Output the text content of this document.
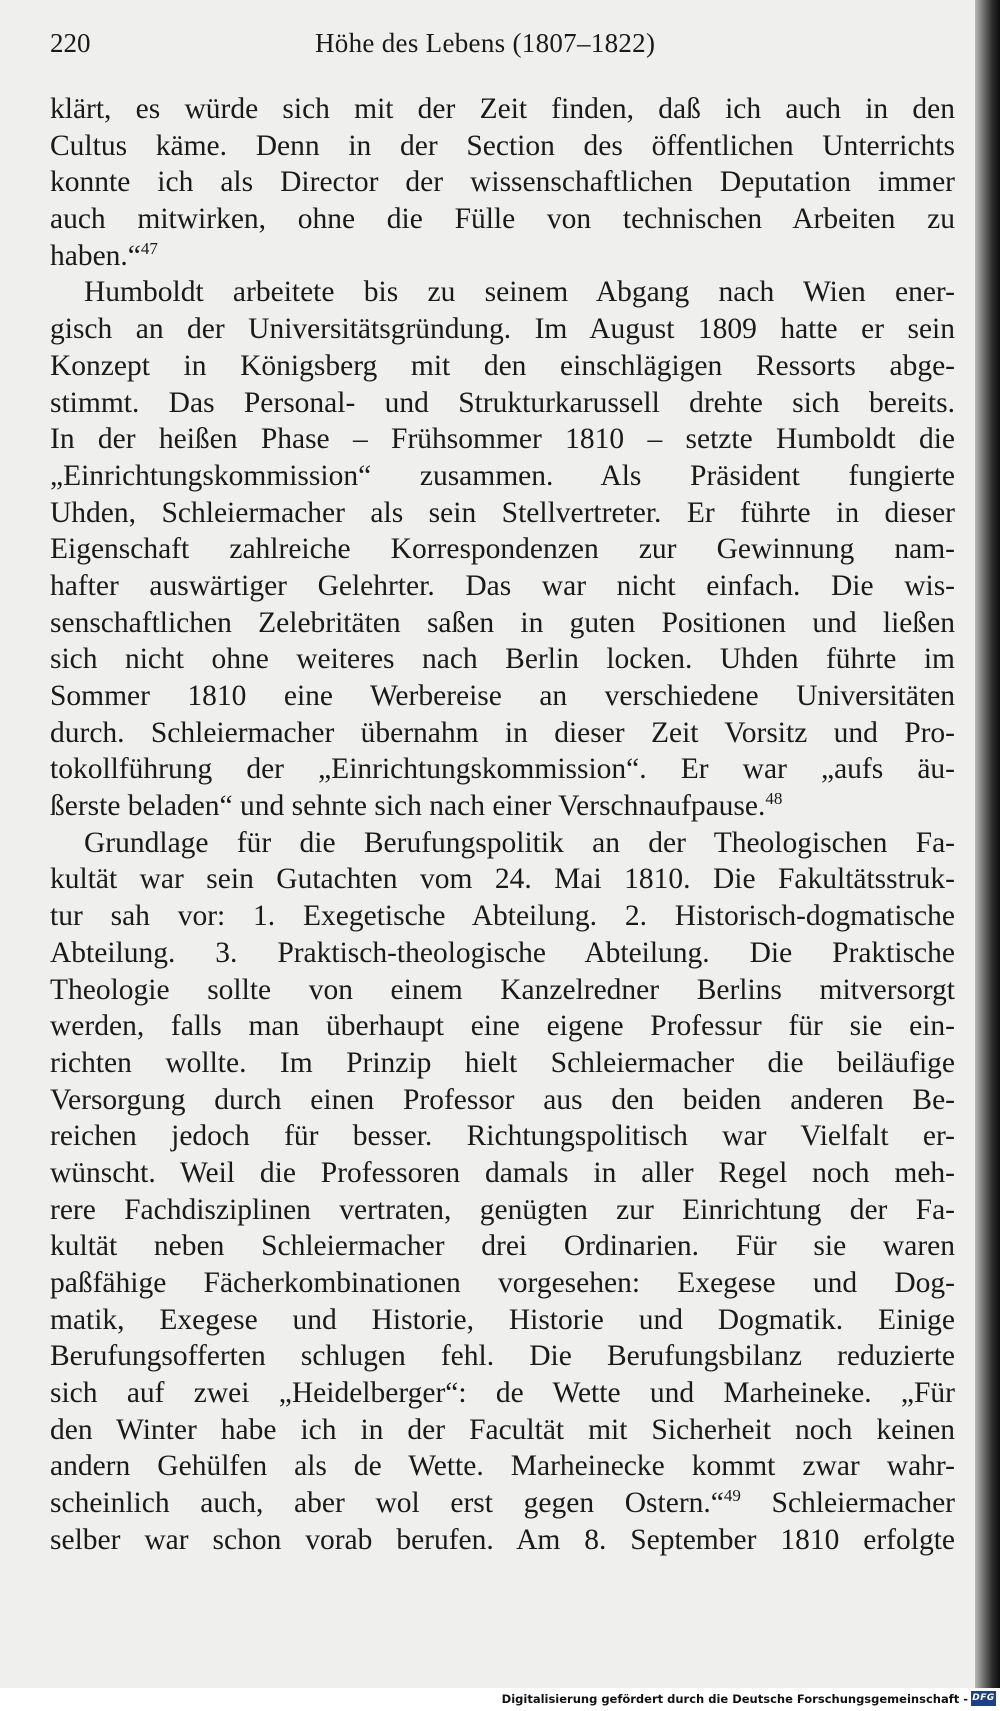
220	Höhe des Lebens (1807–1822)
klärt, es würde sich mit der Zeit finden, daß ich auch in den
Cultus käme. Denn in der Section des öffentlichen Unterrichts
konnte ich als Director der wissenschaftlichen Deputation immer
auch mitwirken, ohne die Fülle von technischen Arbeiten zu
haben.“$^{47}$
Humboldt arbeitete bis zu seinem Abgang nach Wien ener-
gisch an der Universitätsgründung. Im August 1809 hatte er sein
Konzept in Königsberg mit den einschlägigen Ressorts abge-
stimmt. Das Personal- und Strukturkarussell drehte sich bereits.
In der heißen Phase – Frühsommer 1810 – setzte Humboldt die
„Einrichtungskommission“ zusammen. Als Präsident fungierte
Uhden, Schleiermacher als sein Stellvertreter. Er führte in dieser
Eigenschaft zahlreiche Korrespondenzen zur Gewinnung nam-
hafter auswärtiger Gelehrter. Das war nicht einfach. Die wis-
senschaftlichen Zelebritäten saßen in guten Positionen und ließen
sich nicht ohne weiteres nach Berlin locken. Uhden führte im
Sommer 1810 eine Werbereise an verschiedene Universitäten
durch. Schleiermacher übernahm in dieser Zeit Vorsitz und Pro-
tokollführung der „Einrichtungskommission“. Er war „aufs äu-
ßerste beladen“ und sehnte sich nach einer Verschnaufpause.$^{48}$
Grundlage für die Berufungspolitik an der Theologischen Fa-
kultät war sein Gutachten vom 24. Mai 1810. Die Fakultätsstruk-
tur sah vor: 1. Exegetische Abteilung. 2. Historisch-dogmatische
Abteilung. 3. Praktisch-theologische Abteilung. Die Praktische
Theologie sollte von einem Kanzelredner Berlins mitversorgt
werden, falls man überhaupt eine eigene Professur für sie ein-
richten wollte. Im Prinzip hielt Schleiermacher die beiläufige
Versorgung durch einen Professor aus den beiden anderen Be-
reichen jedoch für besser. Richtungspolitisch war Vielfalt er-
wünscht. Weil die Professoren damals in aller Regel noch meh-
rere Fachdisziplinen vertraten, genügten zur Einrichtung der Fa-
kultät neben Schleiermacher drei Ordinarien. Für sie waren
paßfähige Fächerkombinationen vorgesehen: Exegese und Dog-
matik, Exegese und Historie, Historie und Dogmatik. Einige
Berufungsofferten schlugen fehl. Die Berufungsbilanz reduzierte
sich auf zwei „Heidelberger“: de Wette und Marheineke. „Für
den Winter habe ich in der Facultät mit Sicherheit noch keinen
andern Gehülfen als de Wette. Marheinecke kommt zwar wahr-
scheinlich auch, aber wol erst gegen Ostern.“$^{49}$ Schleiermacher
selber war schon vorab berufen. Am 8. September 1810 erfolgte
Digitalisierung gefördert durch die Deutsche Forschungsgemeinschaft - DFG
